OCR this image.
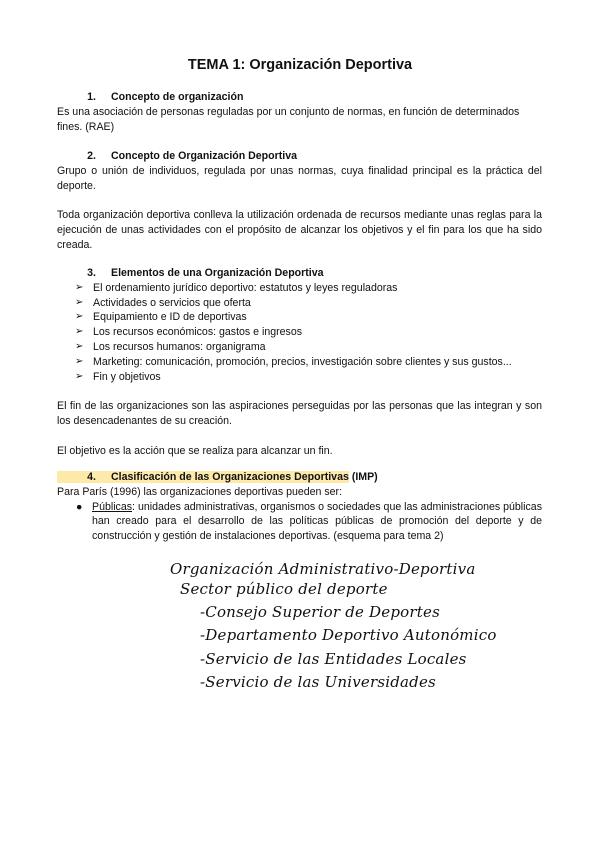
TEMA 1: Organización Deportiva
1. Concepto de organización
Es una asociación de personas reguladas por un conjunto de normas, en función de determinados fines. (RAE)
2. Concepto de Organización Deportiva
Grupo o unión de individuos, regulada por unas normas, cuya finalidad principal es la práctica del deporte.
Toda organización deportiva conlleva la utilización ordenada de recursos mediante unas reglas para la ejecución de unas actividades con el propósito de alcanzar los objetivos y el fin para los que ha sido creada.
3. Elementos de una Organización Deportiva
➢ El ordenamiento jurídico deportivo: estatutos y leyes reguladoras
➢ Actividades o servicios que oferta
➢ Equipamiento e ID de deportivas
➢ Los recursos económicos: gastos e ingresos
➢ Los recursos humanos: organigrama
➢ Marketing: comunicación, promoción, precios, investigación sobre clientes y sus gustos...
➢ Fin y objetivos
El fin de las organizaciones son las aspiraciones perseguidas por las personas que las integran y son los desencadenantes de su creación.
El objetivo es la acción que se realiza para alcanzar un fin.
4. Clasificación de las Organizaciones Deportivas (IMP)
Para París (1996) las organizaciones deportivas pueden ser:
● Públicas: unidades administrativas, organismos o sociedades que las administraciones públicas han creado para el desarrollo de las políticas públicas de promoción del deporte y de construcción y gestión de instalaciones deportivas. (esquema para tema 2)
Organización Administrativo-Deportiva
Sector público del deporte
-Consejo Superior de Deportes
-Departamento Deportivo Autonómico
-Servicio de las Entidades Locales
-Servicio de las Universidades
